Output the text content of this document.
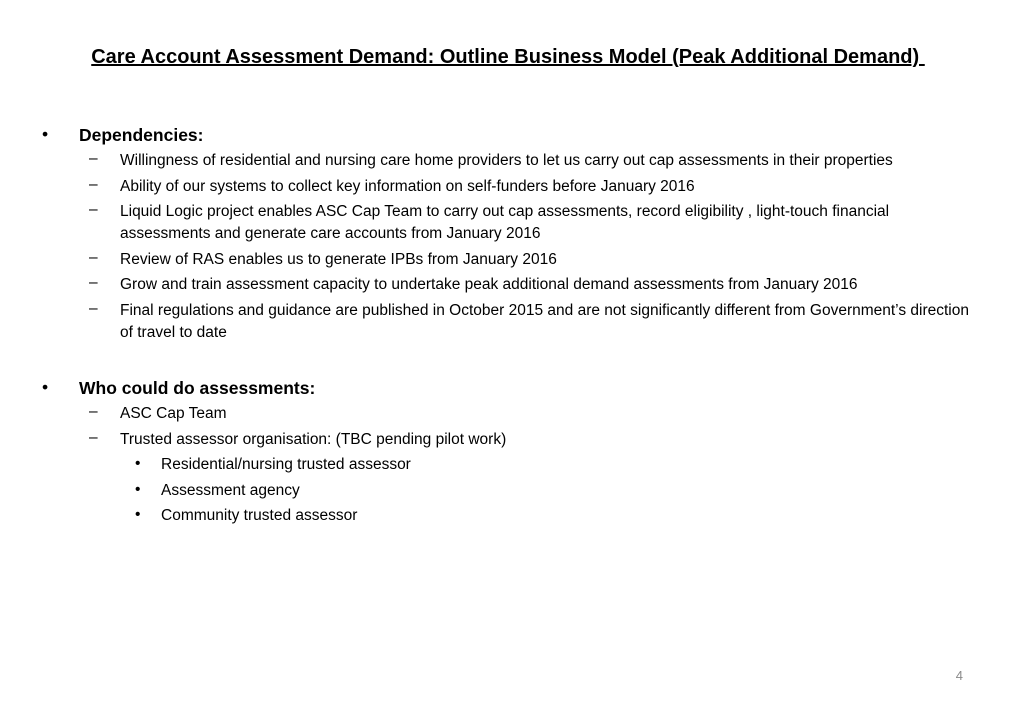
Care Account Assessment Demand: Outline Business Model (Peak Additional Demand)
• Dependencies:
– Willingness of residential and nursing care home providers to let us carry out cap assessments in their properties
– Ability of our systems to collect key information on self-funders before January 2016
– Liquid Logic project enables ASC Cap Team to carry out cap assessments, record eligibility , light-touch financial assessments and generate care accounts from January 2016
– Review of RAS enables us to generate IPBs from January 2016
– Grow and train assessment capacity to undertake peak additional demand assessments from January 2016
– Final regulations and guidance are published in October 2015 and are not significantly different from Government’s direction of travel to date
• Who could do assessments:
– ASC Cap Team
– Trusted assessor organisation: (TBC pending pilot work)
• Residential/nursing trusted assessor
• Assessment agency
• Community trusted assessor
4
